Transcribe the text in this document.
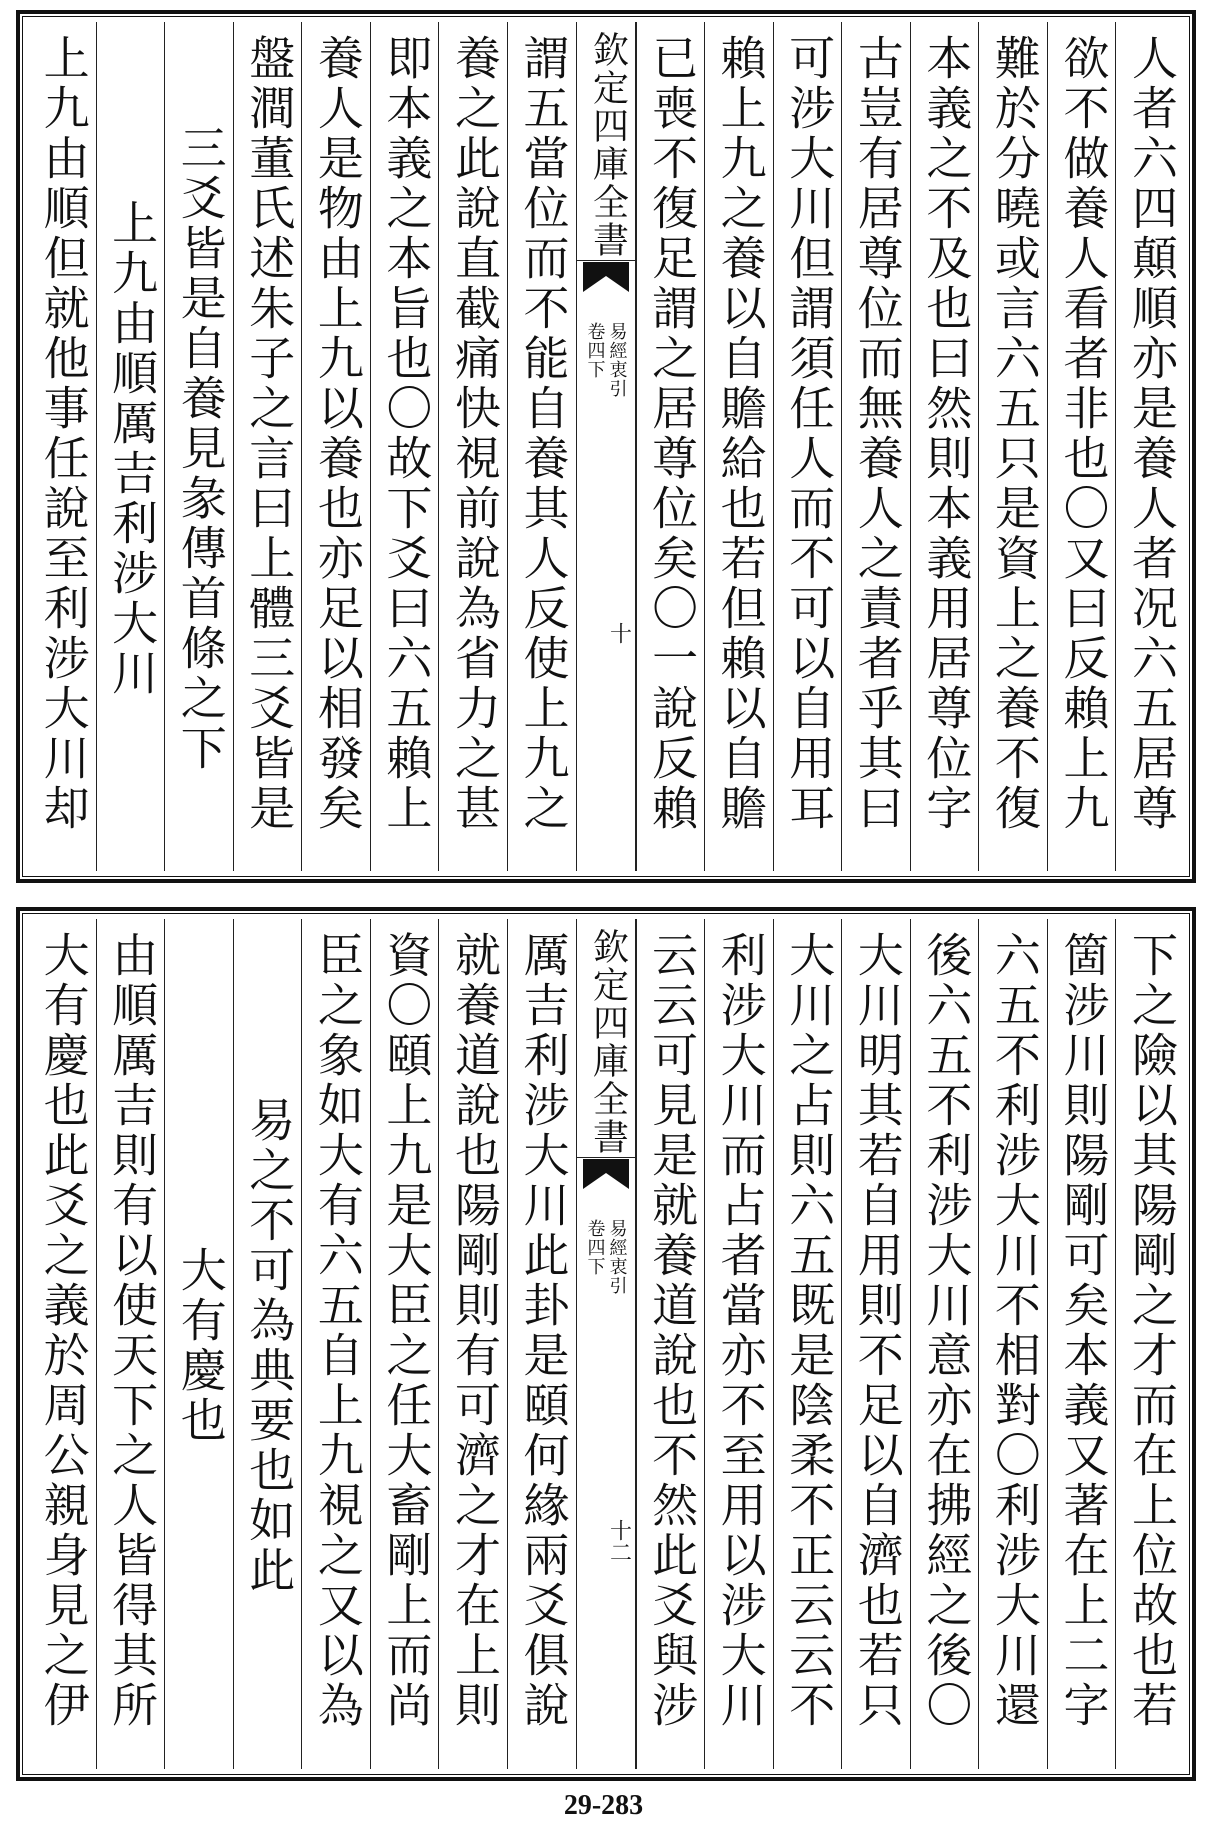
人者六四顛順亦是養人者况六五居尊
欲不做養人看者非也〇又曰反賴上九
難於分曉或言六五只是資上之養不復
本義之不及也曰然則本義用居尊位字
古豈有居尊位而無養人之責者乎其曰
可涉大川但謂須任人而不可以自用耳
賴上九之養以自贍給也若但賴以自贍
已喪不復足謂之居尊位矣〇一說反賴
欽定四庫全書
易經衷引
卷四下
十
謂五當位而不能自養其人反使上九之
養之此說直截痛快視前說為省力之甚
即本義之本旨也〇故下爻曰六五賴上
養人是物由上九以養也亦足以相發矣
盤澗董氏述朱子之言曰上體三爻皆是
三爻皆是自養見彖傳首條之下
上九由順厲吉利涉大川
上九由順但就他事任說至利涉大川却
下之險以其陽剛之才而在上位故也若
箇涉川則陽剛可矣本義又著在上二字
六五不利涉大川不相對〇利涉大川還
後六五不利涉大川意亦在拂經之後〇
大川明其若自用則不足以自濟也若只
大川之占則六五既是陰柔不正云云不
利涉大川而占者當亦不至用以涉大川
云云可見是就養道說也不然此爻與涉
欽定四庫全書
易經衷引
卷四下
十二
厲吉利涉大川此卦是頤何緣兩爻俱說
就養道說也陽剛則有可濟之才在上則
資〇頤上九是大臣之任大畜剛上而尚
臣之象如大有六五自上九視之又以為
易之不可為典要也如此
大有慶也
由順厲吉則有以使天下之人皆得其所
大有慶也此爻之義於周公親身見之伊
29-283
